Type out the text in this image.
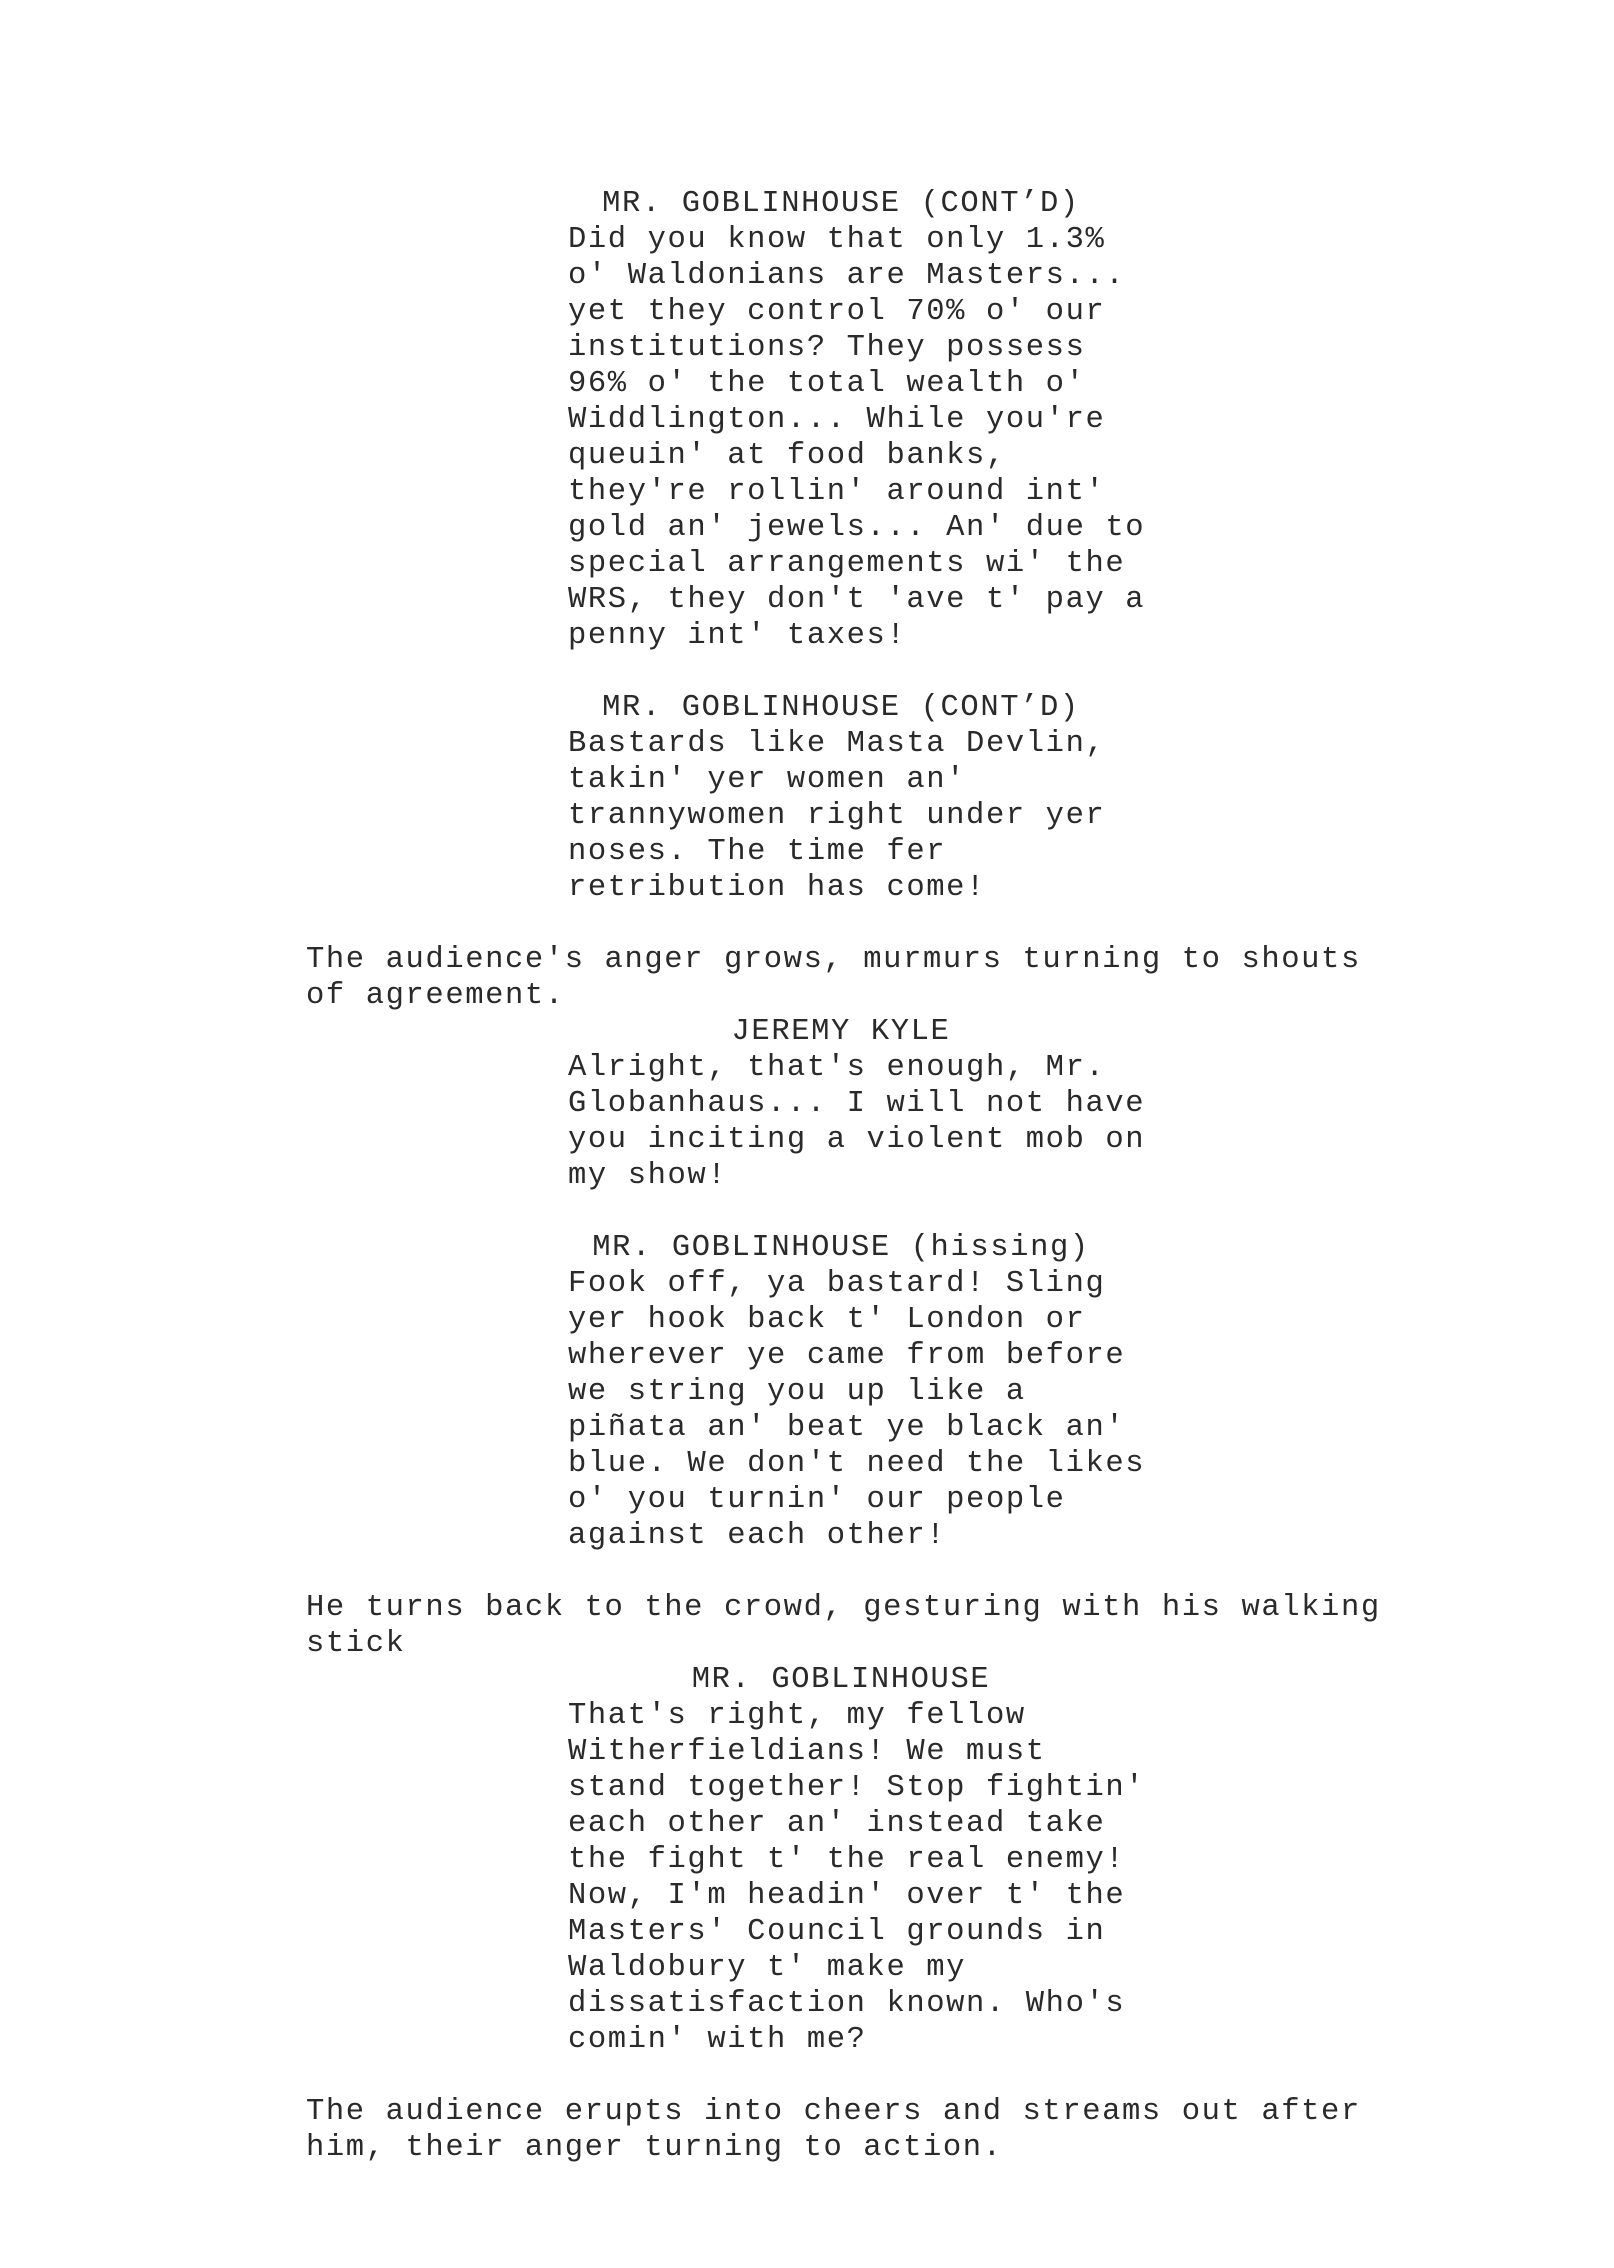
MR. GOBLINHOUSE (CONT’D)
Did you know that only 1.3%
o' Waldonians are Masters...
yet they control 70% o' our
institutions? They possess
96% o' the total wealth o'
Widdlington... While you're
queuin' at food banks,
they're rollin' around int'
gold an' jewels... An' due to
special arrangements wi' the
WRS, they don't 'ave t' pay a
penny int' taxes!
MR. GOBLINHOUSE (CONT’D)
Bastards like Masta Devlin,
takin' yer women an'
trannywomen right under yer
noses. The time fer
retribution has come!
The audience's anger grows, murmurs turning to shouts
of agreement.
JEREMY KYLE
Alright, that's enough, Mr.
Globanhaus... I will not have
you inciting a violent mob on
my show!
MR. GOBLINHOUSE (hissing)
Fook off, ya bastard! Sling
yer hook back t' London or
wherever ye came from before
we string you up like a
piñata an' beat ye black an'
blue. We don't need the likes
o' you turnin' our people
against each other!
He turns back to the crowd, gesturing with his walking
stick
MR. GOBLINHOUSE
That's right, my fellow
Witherfieldians! We must
stand together! Stop fightin'
each other an' instead take
the fight t' the real enemy!
Now, I'm headin' over t' the
Masters' Council grounds in
Waldobury t' make my
dissatisfaction known. Who's
comin' with me?
The audience erupts into cheers and streams out after
him, their anger turning to action.
